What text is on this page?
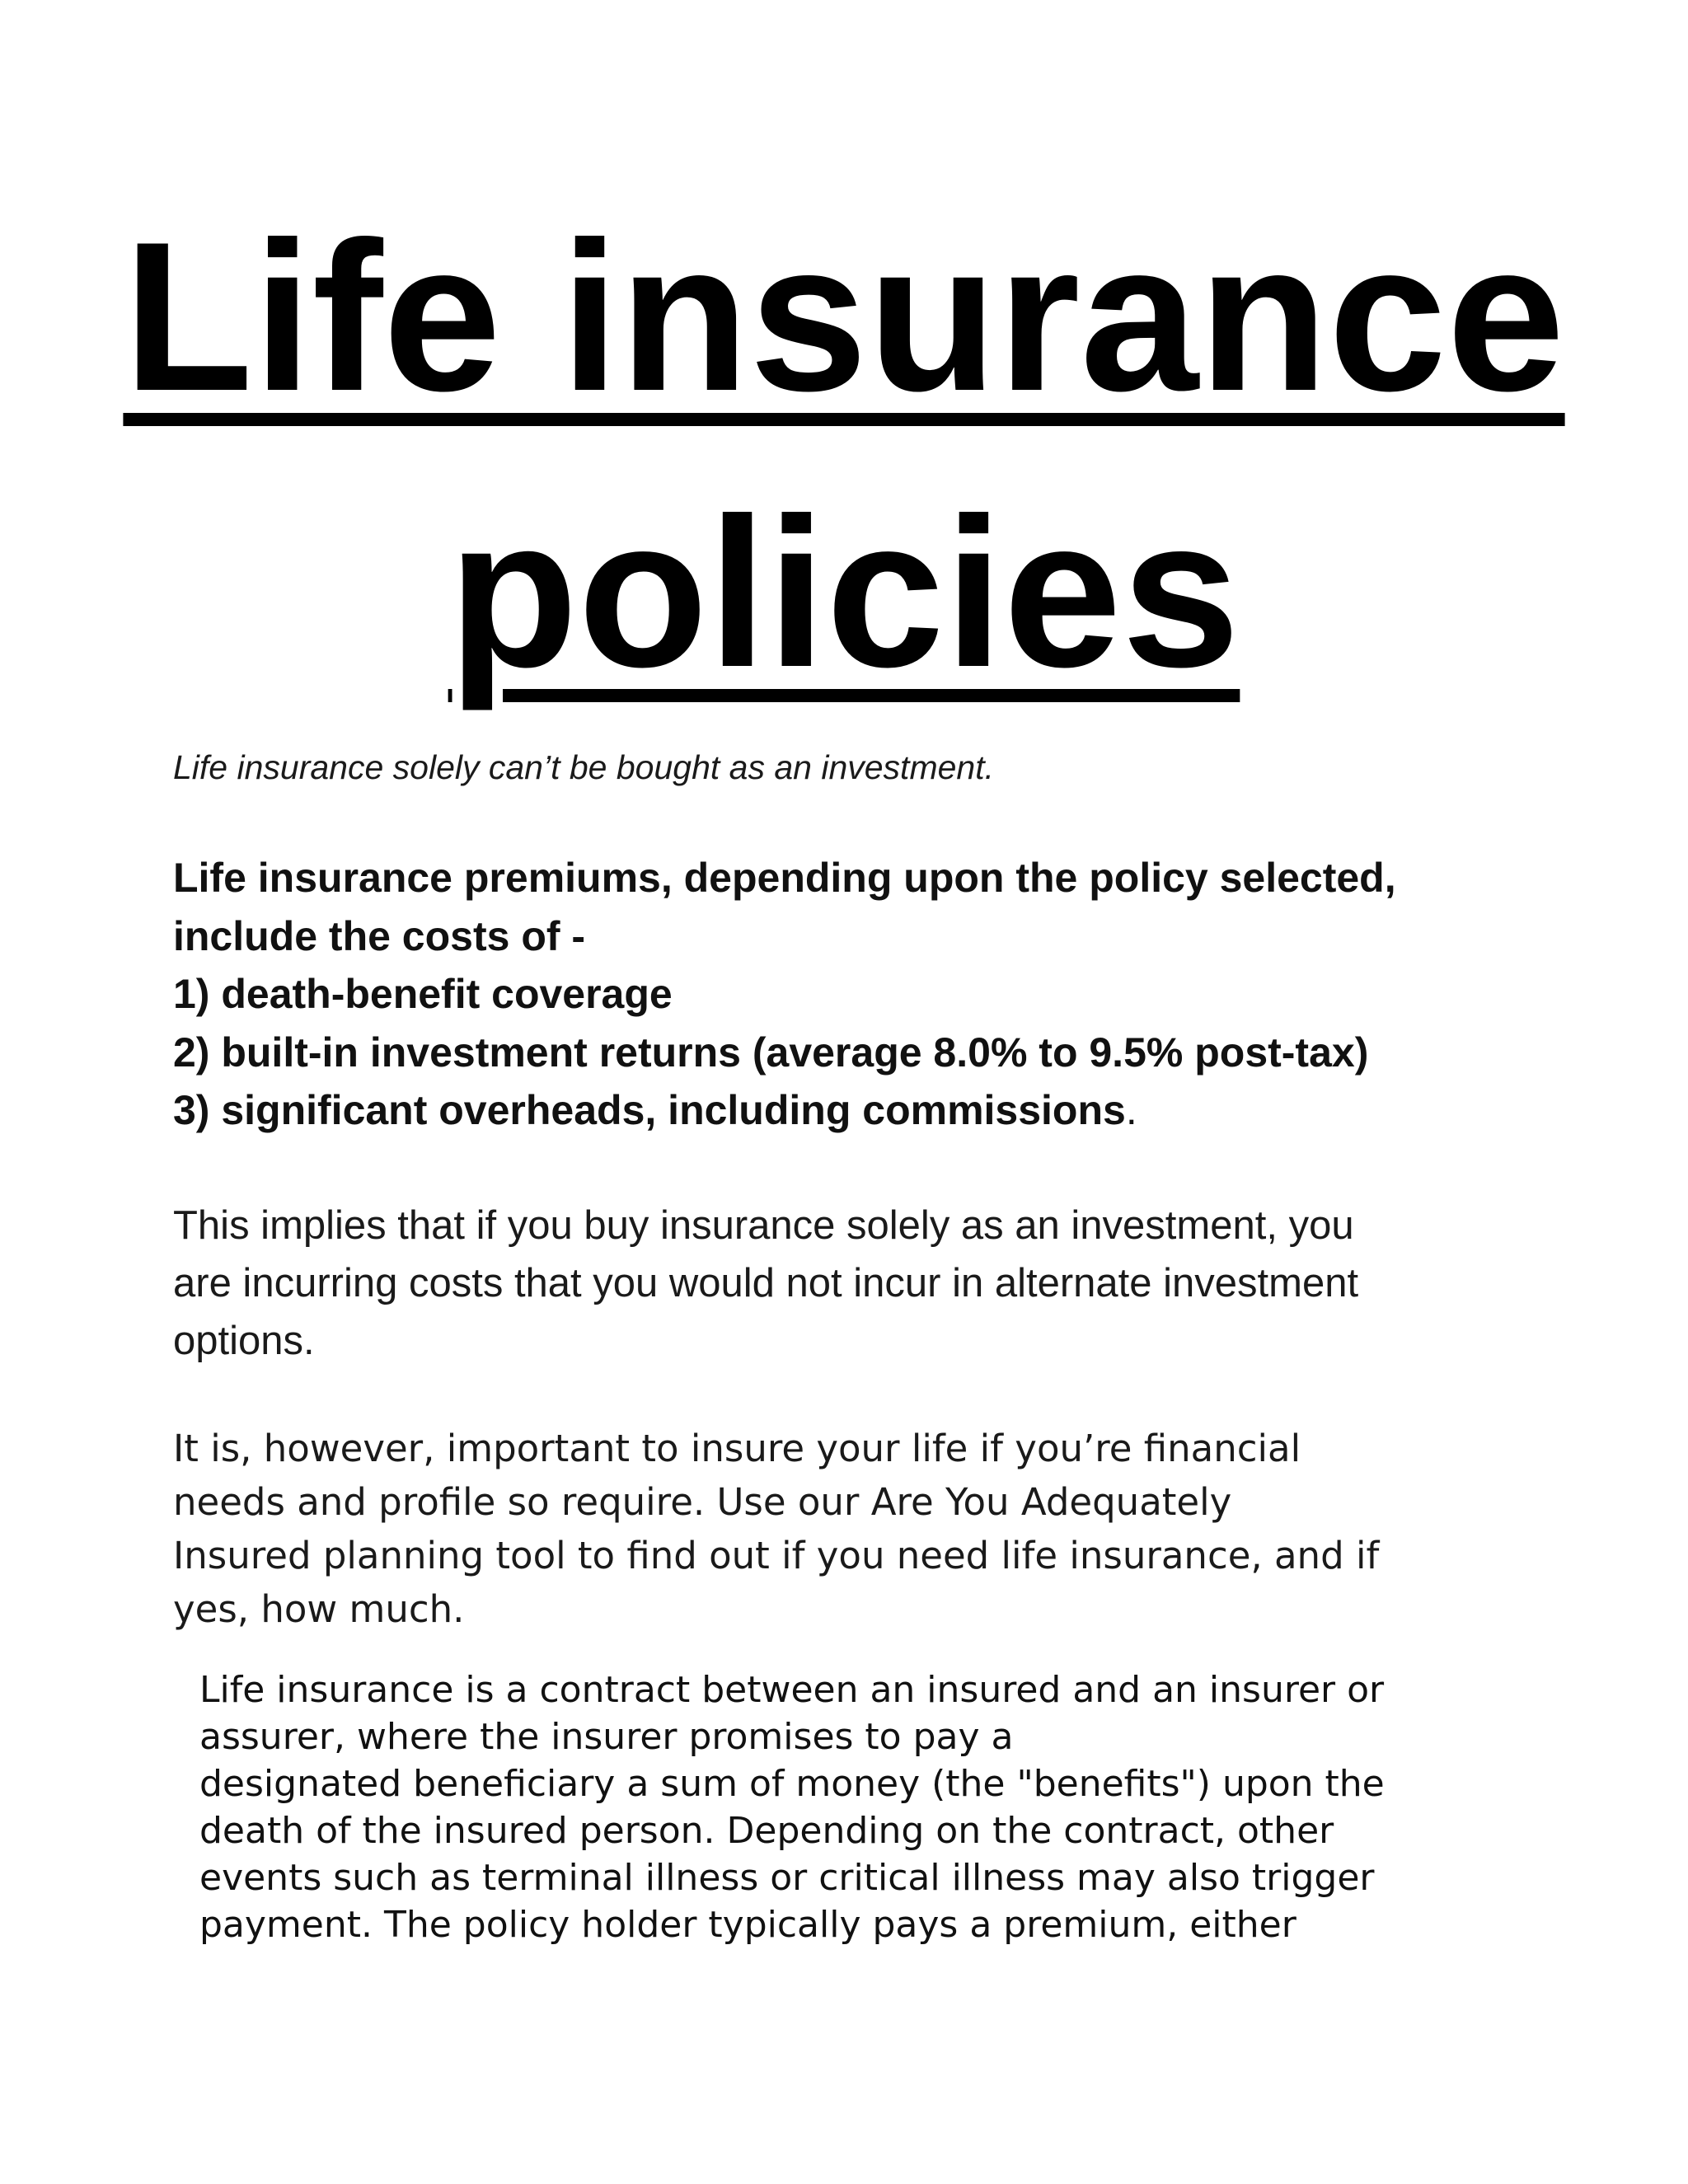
Life insurance
policies

Life insurance solely can’t be bought as an investment.

Life insurance premiums, depending upon the policy selected,
include the costs of -
1) death-benefit coverage
2) built-in investment returns (average 8.0% to 9.5% post-tax)
3) significant overheads, including commissions.

This implies that if you buy insurance solely as an investment, you
are incurring costs that you would not incur in alternate investment
options.

It is, however, important to insure your life if you’re financial
needs and profile so require. Use our Are You Adequately
Insured planning tool to find out if you need life insurance, and if
yes, how much.

Life insurance is a contract between an insured and an insurer or
assurer, where the insurer promises to pay a
designated beneficiary a sum of money (the "benefits") upon the
death of the insured person. Depending on the contract, other
events such as terminal illness or critical illness may also trigger
payment. The policy holder typically pays a premium, either
